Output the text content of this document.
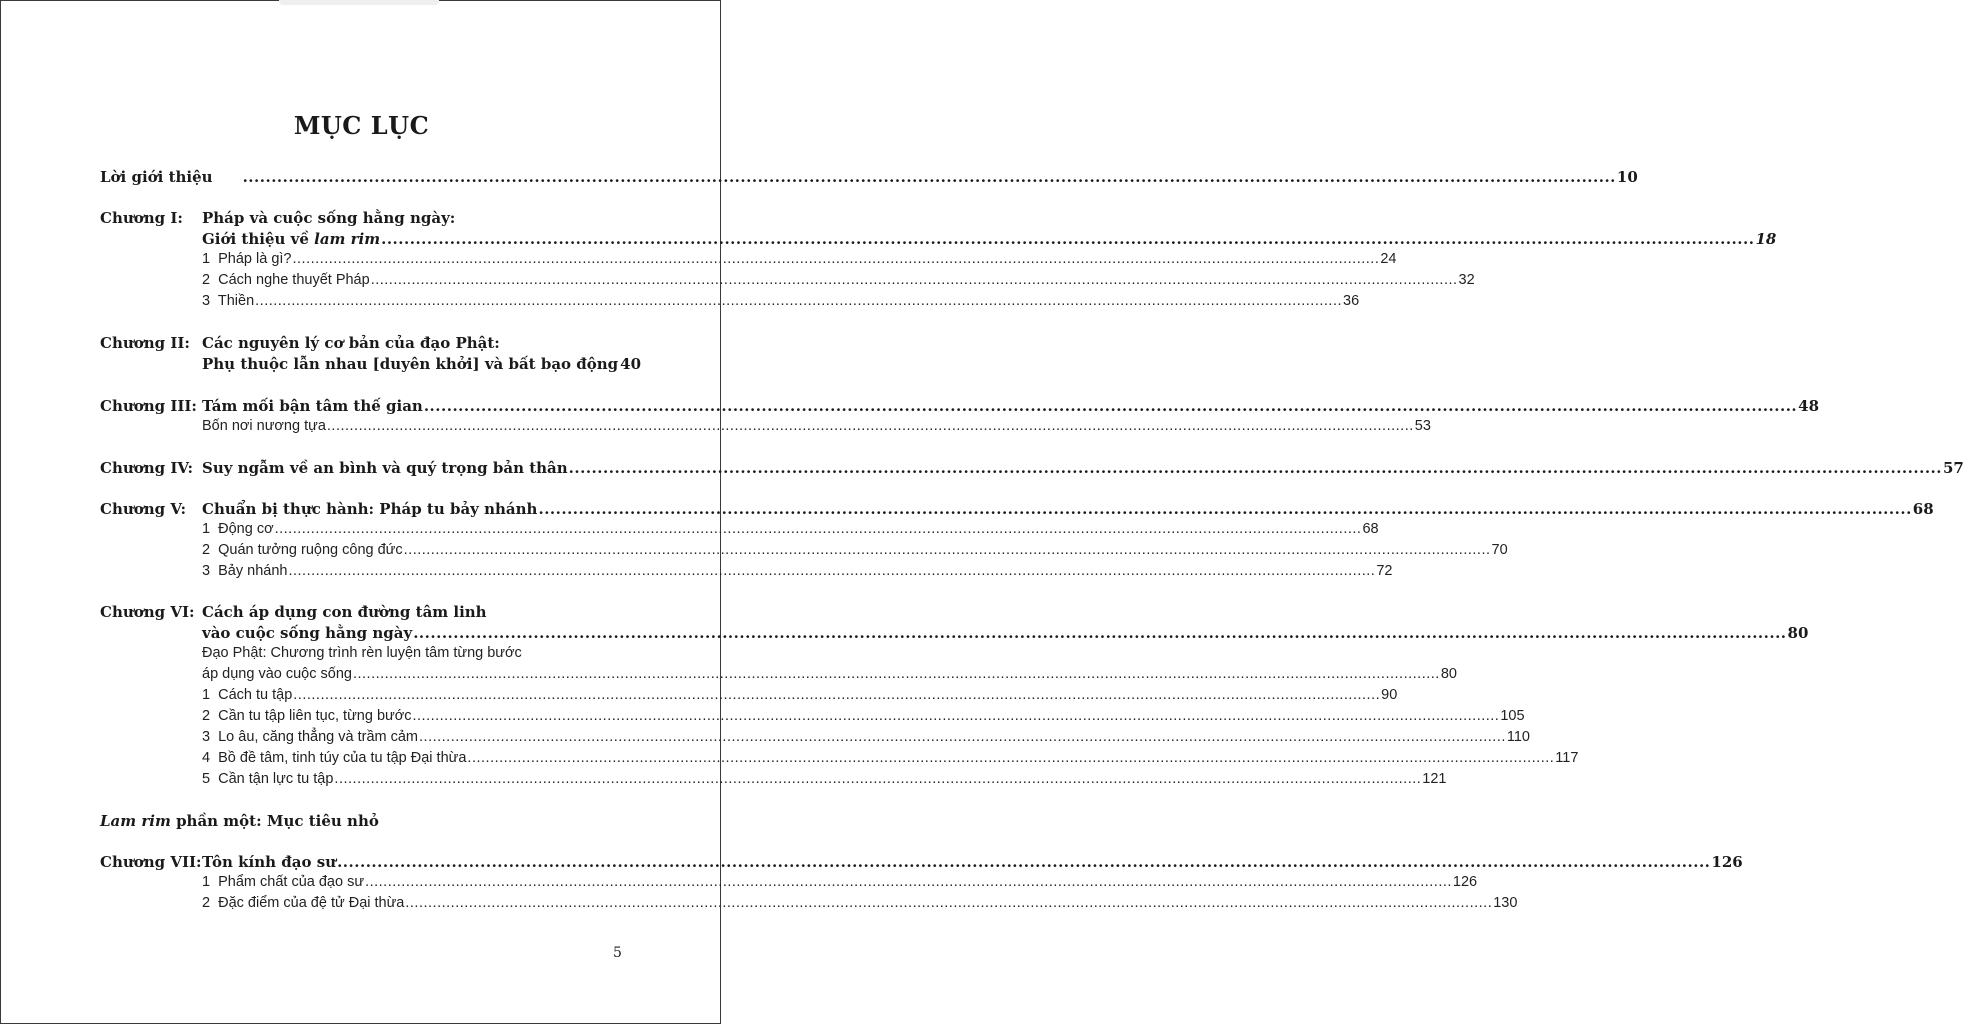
MỤC LỤC
Lời giới thiệu .....	10
Chương I: Pháp và cuộc sống hằng ngày:
Giới thiệu về lam rim .....	18
1  Pháp là gì? .....	24
2  Cách nghe thuyết Pháp .....	32
3  Thiền .....	36
Chương II: Các nguyên lý cơ bản của đạo Phật:
Phụ thuộc lẫn nhau [duyên khởi] và bất bạo động 40
Chương III: Tám mối bận tâm thế gian .....	48
Bốn nơi nương tựa .....	53
Chương IV: Suy ngẫm về an bình và quý trọng bản thân .....	57
Chương V: Chuẩn bị thực hành: Pháp tu bảy nhánh .....	68
1  Động cơ .....	68
2  Quán tưởng ruộng công đức .....	70
3  Bảy nhánh .....	72
Chương VI: Cách áp dụng con đường tâm linh
vào cuộc sống hằng ngày .....	80
Đạo Phật: Chương trình rèn luyện tâm từng bước
áp dụng vào cuộc sống .....	80
1  Cách tu tập .....	90
2  Cần tu tập liên tục, từng bước .....	105
3  Lo âu, căng thẳng và trầm cảm .....	110
4  Bồ đề tâm, tinh túy của tu tập Đại thừa .....	117
5  Cần tận lực tu tập .....	121
Lam rim phần một: Mục tiêu nhỏ
Chương VII: Tôn kính đạo sư .....	126
1  Phẩm chất của đạo sư .....	126
2  Đặc điểm của đệ tử Đại thừa .....	130
5
